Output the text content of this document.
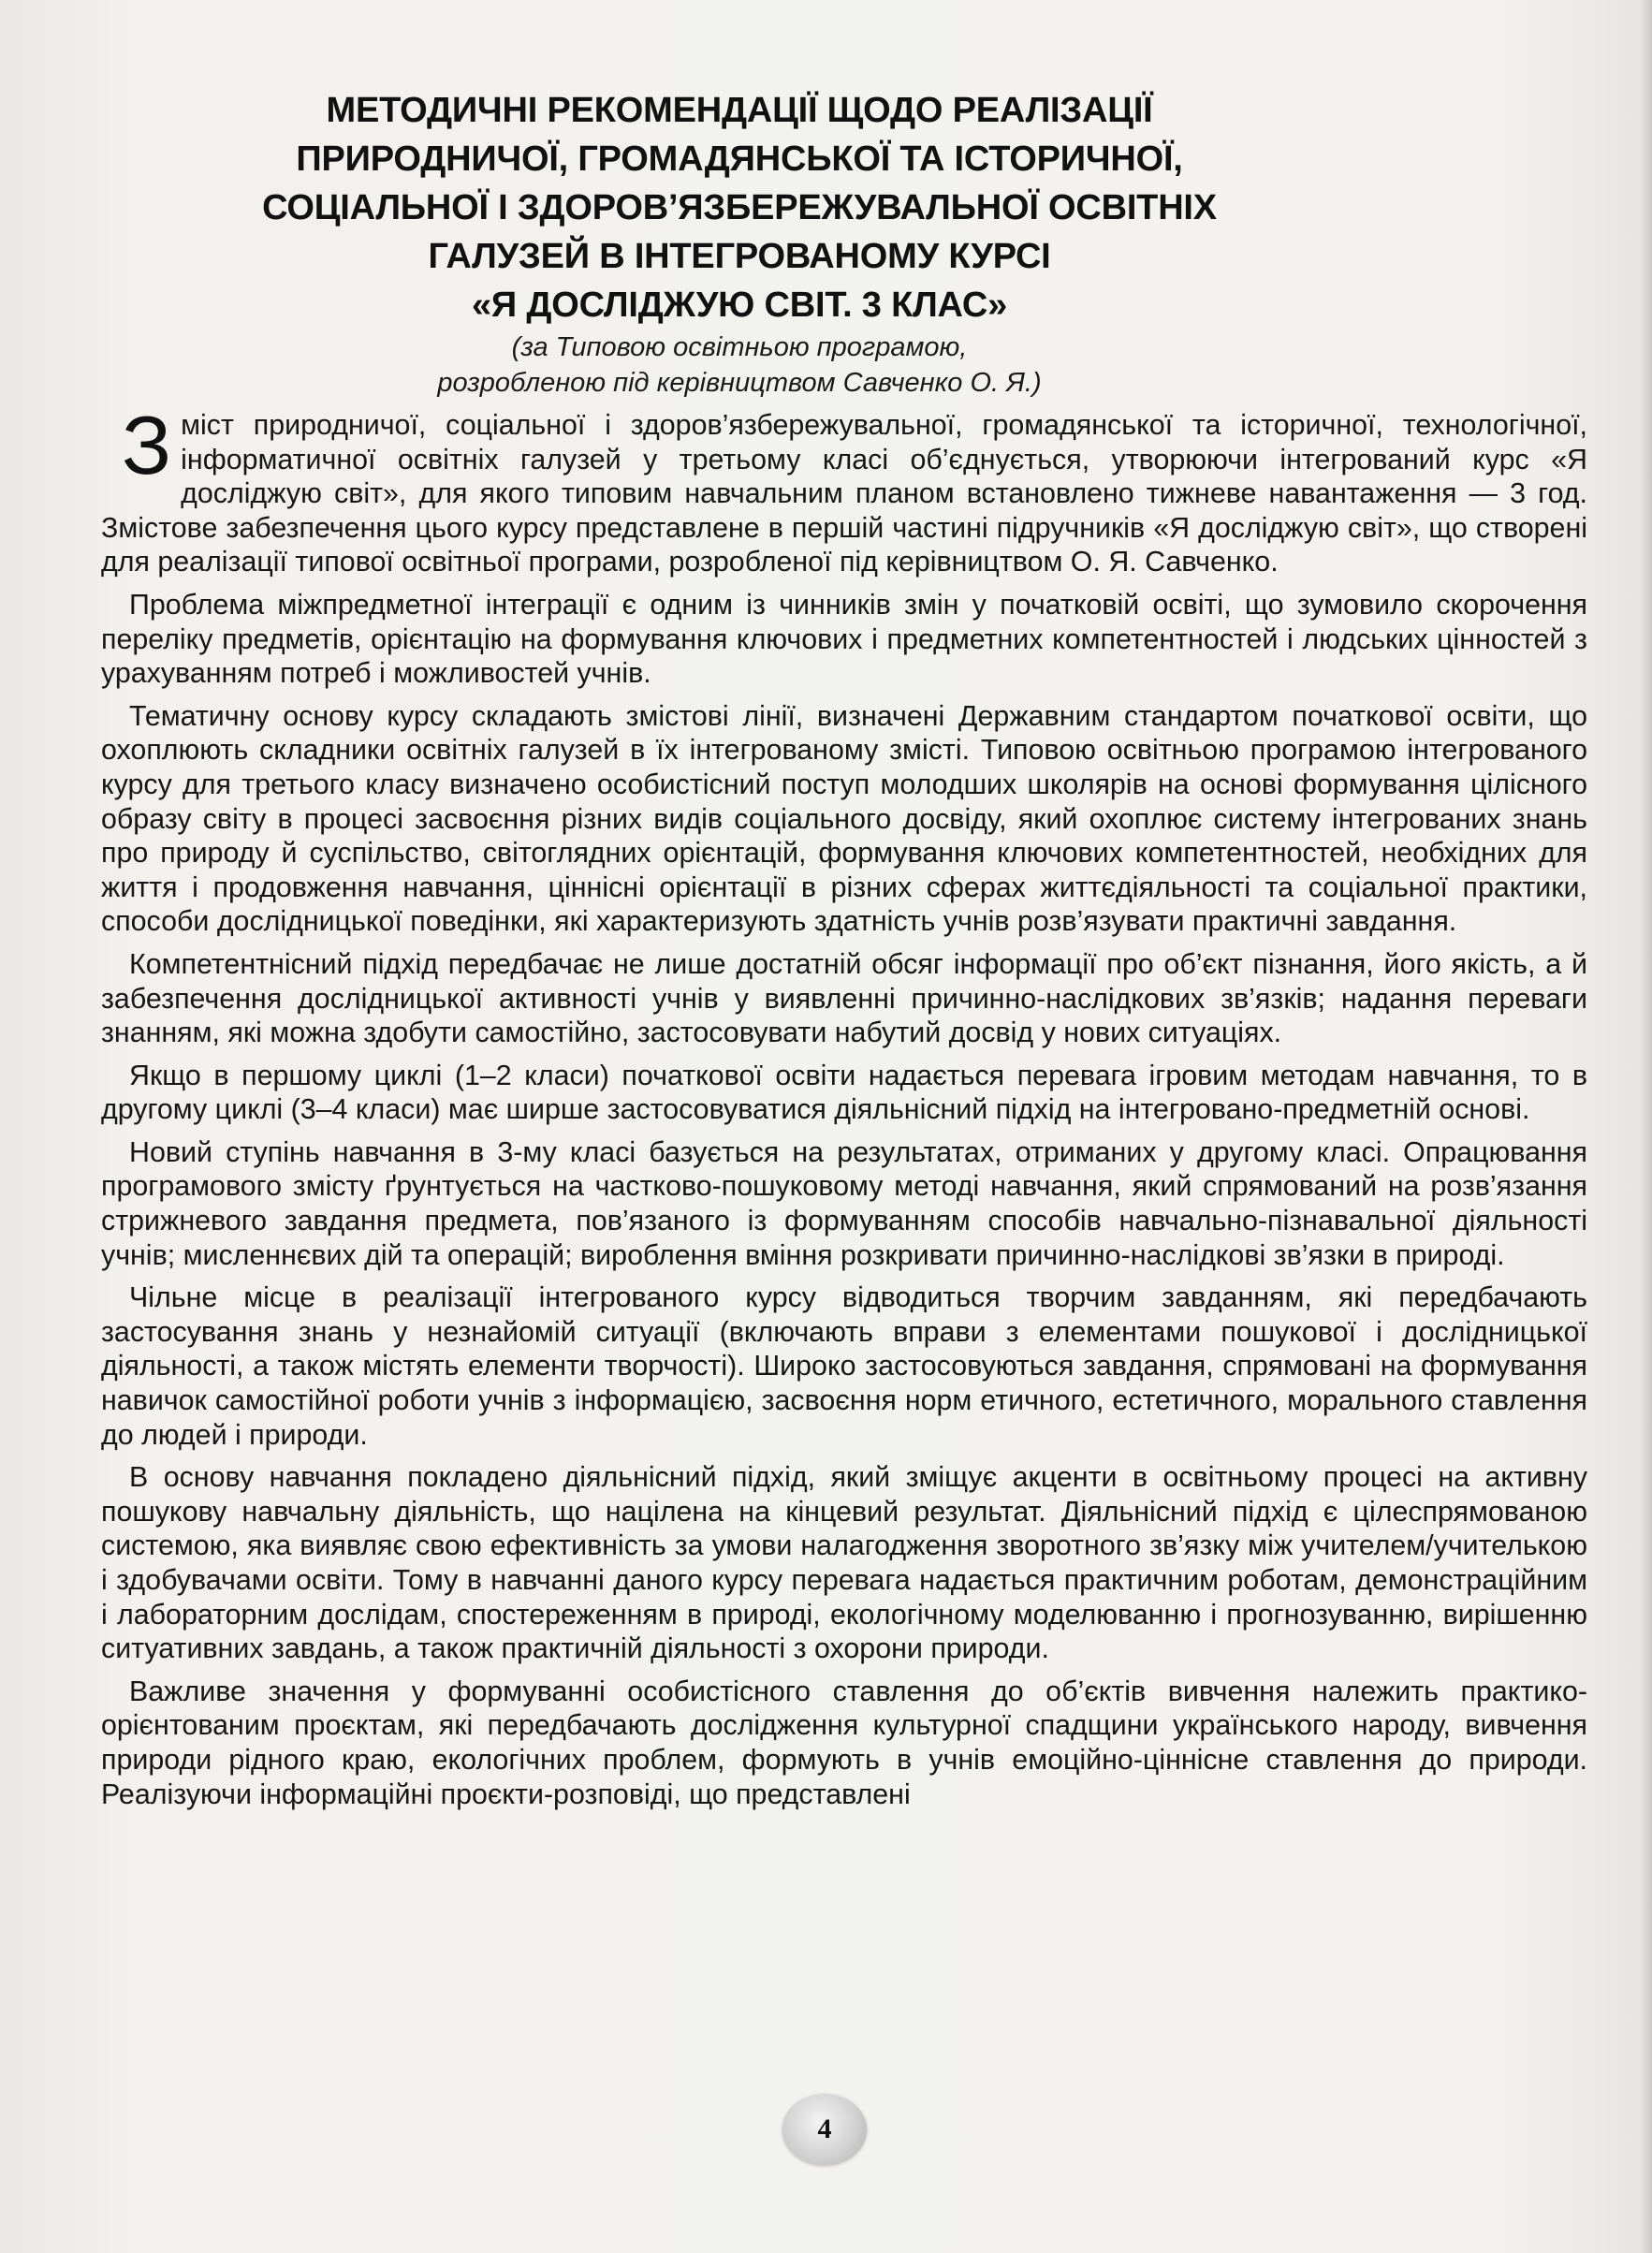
МЕТОДИЧНІ РЕКОМЕНДАЦІЇ ЩОДО РЕАЛІЗАЦІЇ
ПРИРОДНИЧОЇ, ГРОМАДЯНСЬКОЇ ТА ІСТОРИЧНОЇ,
СОЦІАЛЬНОЇ І ЗДОРОВ’ЯЗБЕРЕЖУВАЛЬНОЇ ОСВІТНІХ
ГАЛУЗЕЙ В ІНТЕГРОВАНОМУ КУРСІ
«Я ДОСЛІДЖУЮ СВІТ. 3 КЛАС»

(за Типовою освітньою програмою,
розробленою під керівництвом Савченко О. Я.)

Зміст природничої, соціальної і здоров’язбережувальної, громадянської та історичної, технологічної, інформатичної освітніх галузей у третьому класі об’єднується, утворюючи інтегрований курс «Я досліджую світ», для якого типовим навчальним планом встановлено тижневе навантаження — 3 год. Змістове забезпечення цього курсу представлене в першій частині підручників «Я досліджую світ», що створені для реалізації типової освітньої програми, розробленої під керівництвом О. Я. Савченко.

Проблема міжпредметної інтеграції є одним із чинників змін у початковій освіті, що зумовило скорочення переліку предметів, орієнтацію на формування ключових і предметних компетентностей і людських цінностей з урахуванням потреб і можливостей учнів.

Тематичну основу курсу складають змістові лінії, визначені Державним стандартом початкової освіти, що охоплюють складники освітніх галузей в їх інтегрованому змісті. Типовою освітньою програмою інтегрованого курсу для третього класу визначено особистісний поступ молодших школярів на основі формування цілісного образу світу в процесі засвоєння різних видів соціального досвіду, який охоплює систему інтегрованих знань про природу й суспільство, світоглядних орієнтацій, формування ключових компетентностей, необхідних для життя і продовження навчання, ціннісні орієнтації в різних сферах життєдіяльності та соціальної практики, способи дослідницької поведінки, які характеризують здатність учнів розв’язувати практичні завдання.

Компетентнісний підхід передбачає не лише достатній обсяг інформації про об’єкт пізнання, його якість, а й забезпечення дослідницької активності учнів у виявленні причинно-наслідкових зв’язків; надання переваги знанням, які можна здобути самостійно, застосовувати набутий досвід у нових ситуаціях.

Якщо в першому циклі (1–2 класи) початкової освіти надається перевага ігровим методам навчання, то в другому циклі (3–4 класи) має ширше застосовуватися діяльнісний підхід на інтегровано-предметній основі.

Новий ступінь навчання в 3-му класі базується на результатах, отриманих у другому класі. Опрацювання програмового змісту ґрунтується на частково-пошуковому методі навчання, який спрямований на розв’язання стрижневого завдання предмета, пов’язаного із формуванням способів навчально-пізнавальної діяльності учнів; мисленнєвих дій та операцій; вироблення вміння розкривати причинно-наслідкові зв’язки в природі.

Чільне місце в реалізації інтегрованого курсу відводиться творчим завданням, які передбачають застосування знань у незнайомій ситуації (включають вправи з елементами пошукової і дослідницької діяльності, а також містять елементи творчості). Широко застосовуються завдання, спрямовані на формування навичок самостійної роботи учнів з інформацією, засвоєння норм етичного, естетичного, морального ставлення до людей і природи.

В основу навчання покладено діяльнісний підхід, який зміщує акценти в освітньому процесі на активну пошукову навчальну діяльність, що націлена на кінцевий результат. Діяльнісний підхід є цілеспрямованою системою, яка виявляє свою ефективність за умови налагодження зворотного зв’язку між учителем/учителькою і здобувачами освіти. Тому в навчанні даного курсу перевага надається практичним роботам, демонстраційним і лабораторним дослідам, спостереженням в природі, екологічному моделюванню і прогнозуванню, вирішенню ситуативних завдань, а також практичній діяльності з охорони природи.

Важливе значення у формуванні особистісного ставлення до об’єктів вивчення належить практико-орієнтованим проєктам, які передбачають дослідження культурної спадщини українського народу, вивчення природи рідного краю, екологічних проблем, формують в учнів емоційно-ціннісне ставлення до природи. Реалізуючи інформаційні проєкти-розповіді, що представлені

4
